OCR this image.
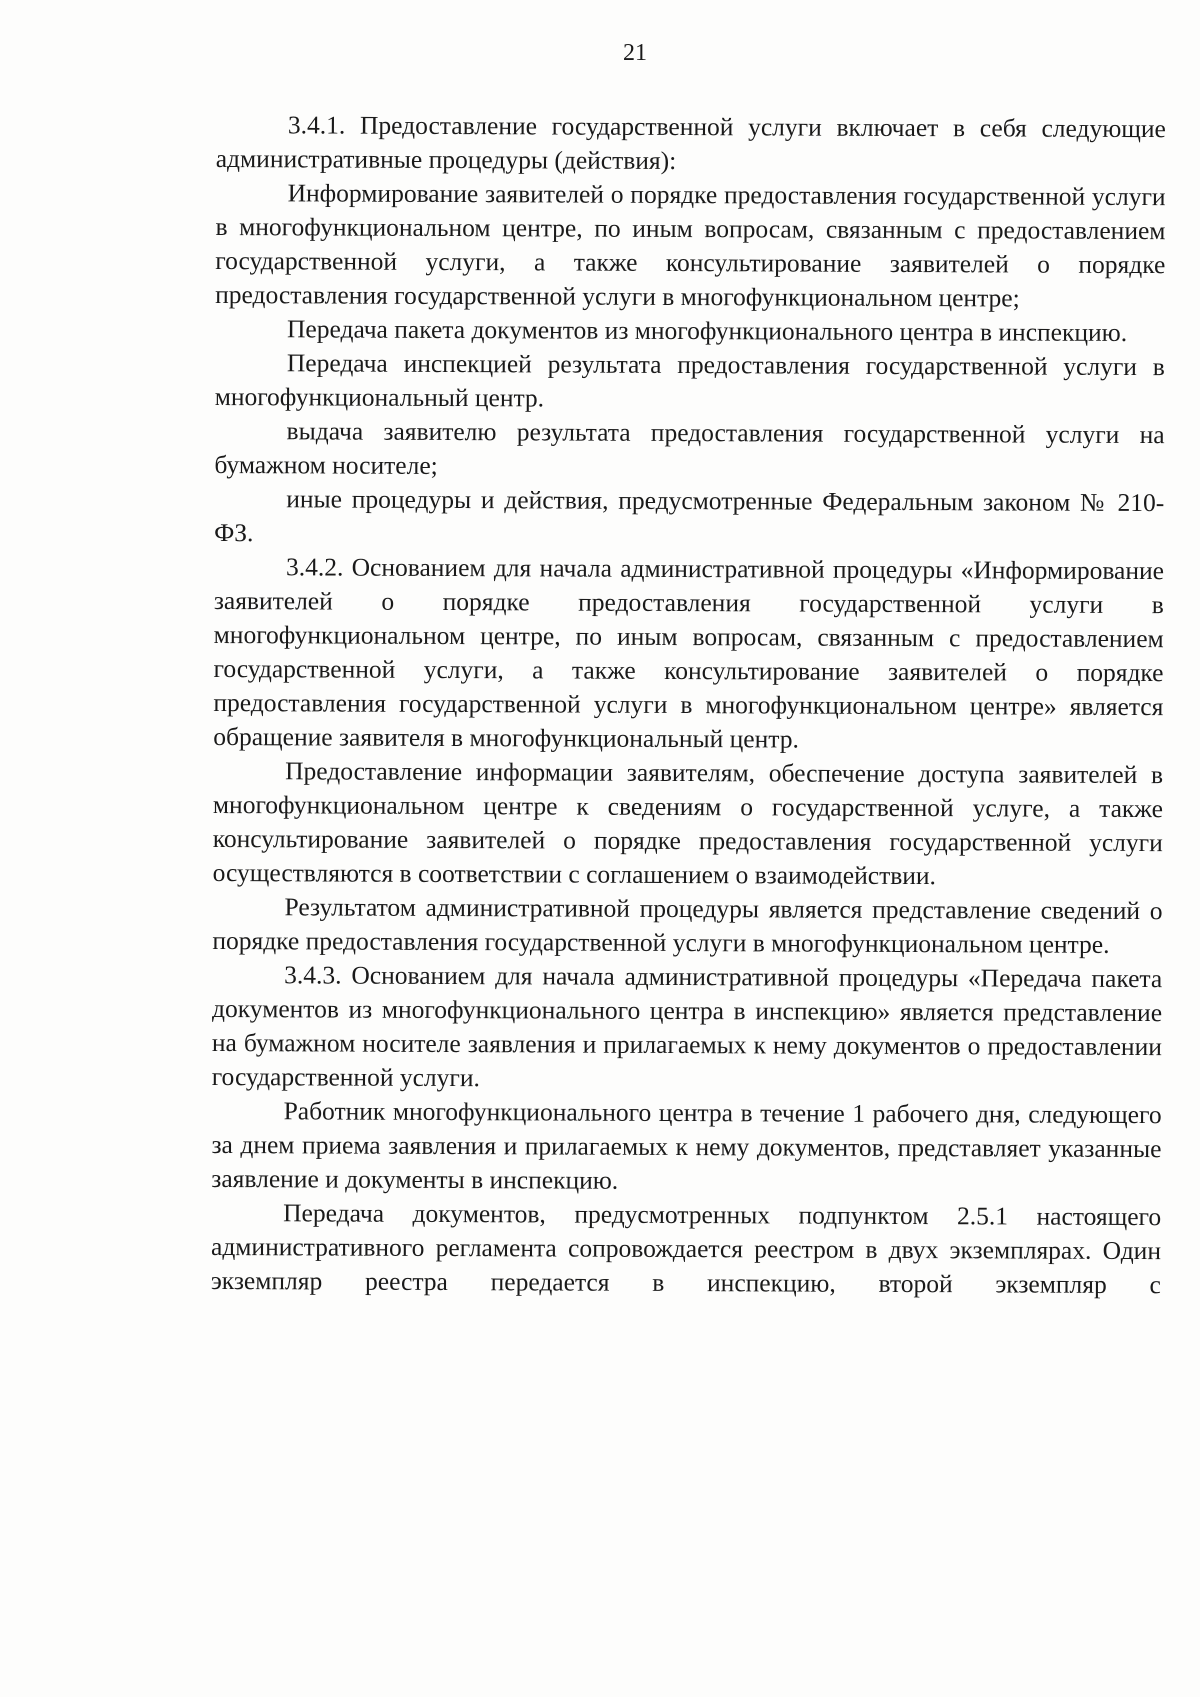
21

3.4.1. Предоставление государственной услуги включает в себя следующие административные процедуры (действия):

Информирование заявителей о порядке предоставления государственной услуги в многофункциональном центре, по иным вопросам, связанным с предоставлением государственной услуги, а также консультирование заявителей о порядке предоставления государственной услуги в многофункциональном центре;

Передача пакета документов из многофункционального центра в инспекцию.

Передача инспекцией результата предоставления государственной услуги в многофункциональный центр.

выдача заявителю результата предоставления государственной услуги на бумажном носителе;

иные процедуры и действия, предусмотренные Федеральным законом № 210-ФЗ.

3.4.2. Основанием для начала административной процедуры «Информирование заявителей о порядке предоставления государственной услуги в многофункциональном центре, по иным вопросам, связанным с предоставлением государственной услуги, а также консультирование заявителей о порядке предоставления государственной услуги в многофункциональном центре» является обращение заявителя в многофункциональный центр.

Предоставление информации заявителям, обеспечение доступа заявителей в многофункциональном центре к сведениям о государственной услуге, а также консультирование заявителей о порядке предоставления государственной услуги осуществляются в соответствии с соглашением о взаимодействии.

Результатом административной процедуры является представление сведений о порядке предоставления государственной услуги в многофункциональном центре.

3.4.3. Основанием для начала административной процедуры «Передача пакета документов из многофункционального центра в инспекцию» является представление на бумажном носителе заявления и прилагаемых к нему документов о предоставлении государственной услуги.

Работник многофункционального центра в течение 1 рабочего дня, следующего за днем приема заявления и прилагаемых к нему документов, представляет указанные заявление и документы в инспекцию.

Передача документов, предусмотренных подпунктом 2.5.1 настоящего административного регламента сопровождается реестром в двух экземплярах. Один экземпляр реестра передается в инспекцию, второй экземпляр с
